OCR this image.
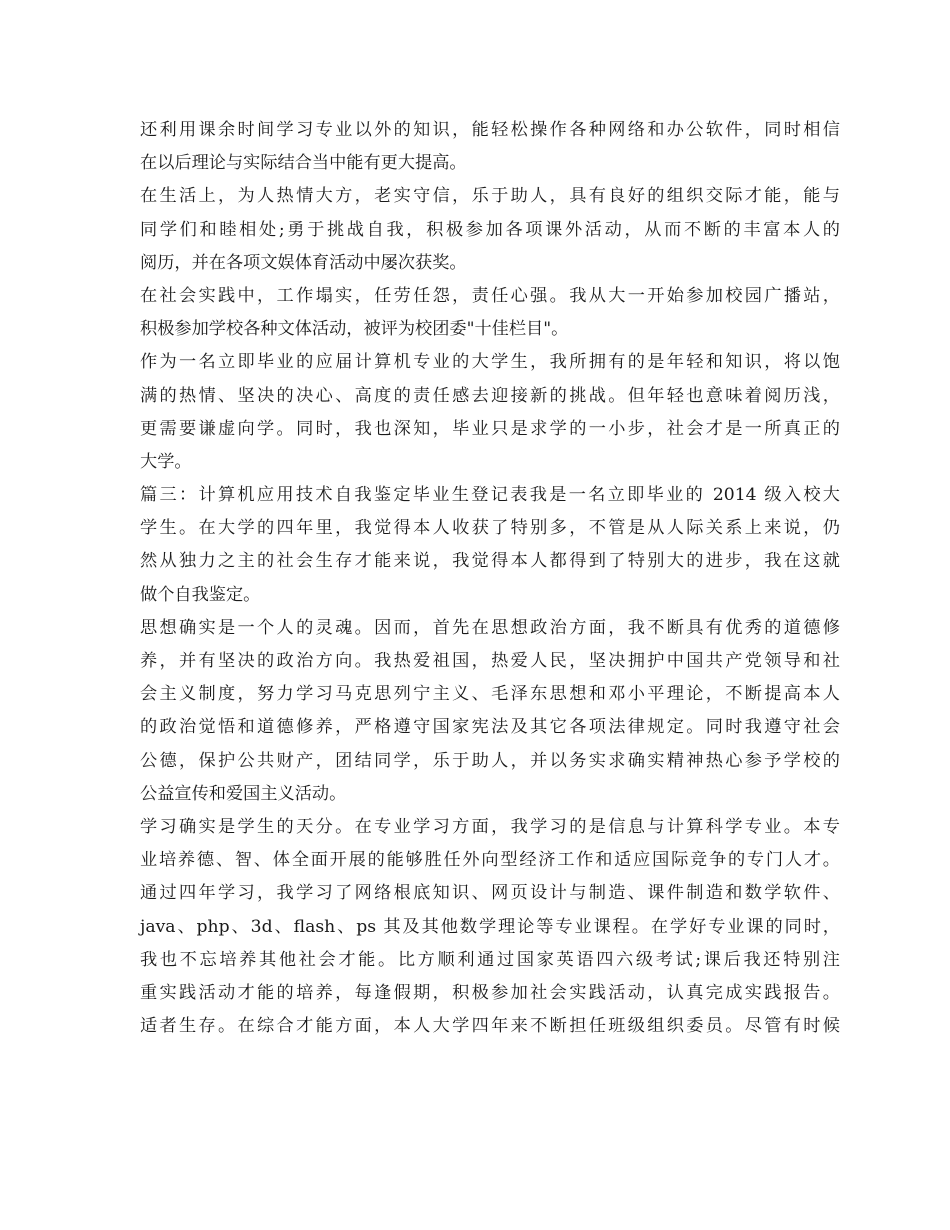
还利用课余时间学习专业以外的知识，能轻松操作各种网络和办公软件，同时相信
在以后理论与实际结合当中能有更大提高。
在生活上，为人热情大方，老实守信，乐于助人，具有良好的组织交际才能，能与
同学们和睦相处;勇于挑战自我，积极参加各项课外活动，从而不断的丰富本人的
阅历，并在各项文娱体育活动中屡次获奖。
在社会实践中，工作塌实，任劳任怨，责任心强。我从大一开始参加校园广播站，
积极参加学校各种文体活动，被评为校团委"十佳栏目"。
作为一名立即毕业的应届计算机专业的大学生，我所拥有的是年轻和知识，将以饱
满的热情、坚决的决心、高度的责任感去迎接新的挑战。但年轻也意味着阅历浅，
更需要谦虚向学。同时，我也深知，毕业只是求学的一小步，社会才是一所真正的
大学。
篇三：计算机应用技术自我鉴定毕业生登记表我是一名立即毕业的 2014 级入校大
学生。在大学的四年里，我觉得本人收获了特别多，不管是从人际关系上来说，仍
然从独力之主的社会生存才能来说，我觉得本人都得到了特别大的进步，我在这就
做个自我鉴定。
思想确实是一个人的灵魂。因而，首先在思想政治方面，我不断具有优秀的道德修
养，并有坚决的政治方向。我热爱祖国，热爱人民，坚决拥护中国共产党领导和社
会主义制度，努力学习马克思列宁主义、毛泽东思想和邓小平理论，不断提高本人
的政治觉悟和道德修养，严格遵守国家宪法及其它各项法律规定。同时我遵守社会
公德，保护公共财产，团结同学，乐于助人，并以务实求确实精神热心参予学校的
公益宣传和爱国主义活动。
学习确实是学生的天分。在专业学习方面，我学习的是信息与计算科学专业。本专
业培养德、智、体全面开展的能够胜任外向型经济工作和适应国际竞争的专门人才。
通过四年学习，我学习了网络根底知识、网页设计与制造、课件制造和数学软件、
java、php、3d、flash、ps 其及其他数学理论等专业课程。在学好专业课的同时，
我也不忘培养其他社会才能。比方顺利通过国家英语四六级考试;课后我还特别注
重实践活动才能的培养，每逢假期，积极参加社会实践活动，认真完成实践报告。
适者生存。在综合才能方面，本人大学四年来不断担任班级组织委员。尽管有时候
